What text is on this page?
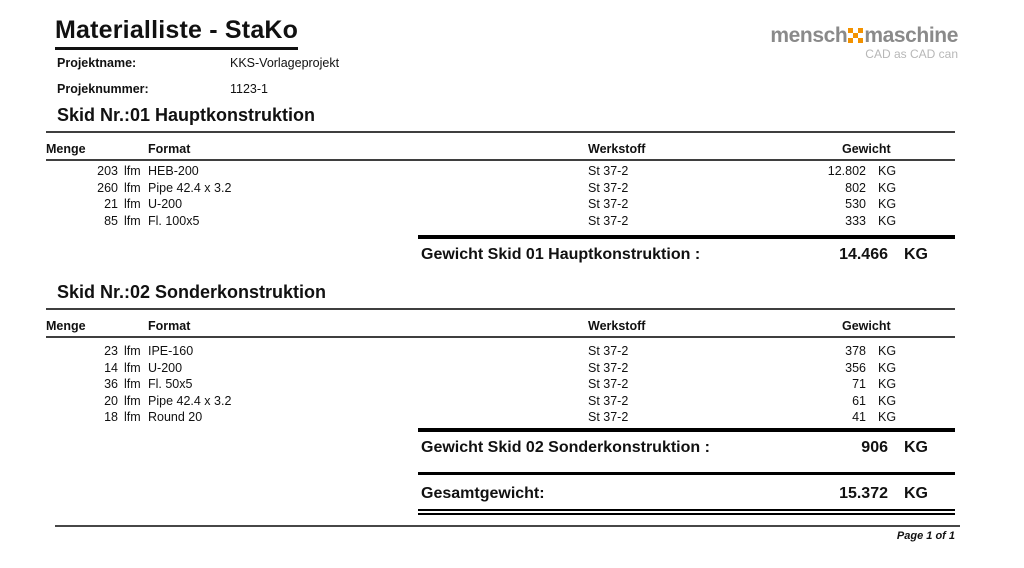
Materialliste - StaKo	mensch maschine
CAD as CAD can
Projektname:	KKS-Vorlageprojekt
Projeknummer:	1123-1
Skid Nr.: 01 Hauptkonstruktion
Menge	Format	Werkstoff	Gewicht
203 lfm HEB-200	St 37-2	12.802 KG
260 lfm Pipe 42.4 x 3.2	St 37-2	802 KG
21 lfm U-200	St 37-2	530 KG
85 lfm Fl. 100x5	St 37-2	333 KG
Gewicht Skid 01 Hauptkonstruktion :	14.466 KG
Skid Nr.: 02 Sonderkonstruktion
Menge	Format	Werkstoff	Gewicht
23 lfm IPE-160	St 37-2	378 KG
14 lfm U-200	St 37-2	356 KG
36 lfm Fl. 50x5	St 37-2	71 KG
20 lfm Pipe 42.4 x 3.2	St 37-2	61 KG
18 lfm Round 20	St 37-2	41 KG
Gewicht Skid 02 Sonderkonstruktion :	906 KG
Gesamtgewicht:	15.372 KG
Page 1 of 1
